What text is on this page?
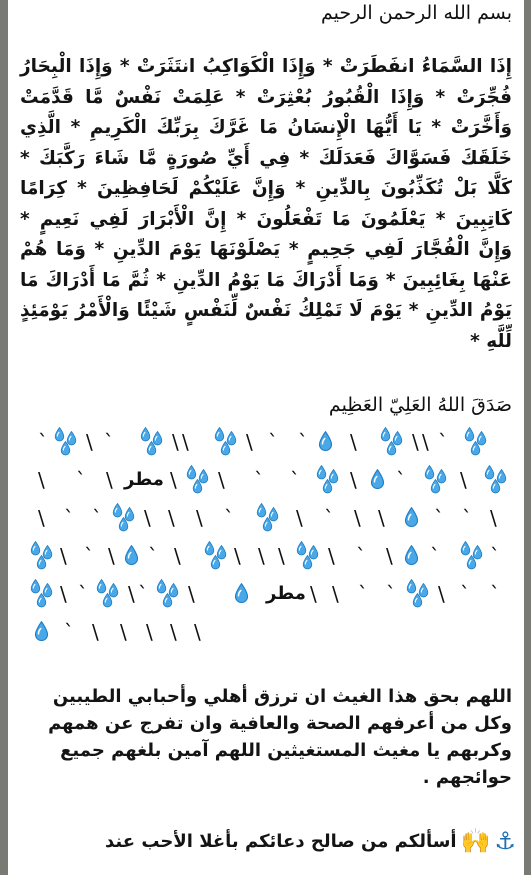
بسم الله الرحمن الرحيم
إِذَا السَّمَاءُ انفَطَرَتْ * وَإِذَا الْكَوَاكِبُ انتَثَرَتْ * وَإِذَا الْبِحَارُ فُجِّرَتْ * وَإِذَا الْقُبُورُ بُعْثِرَتْ * عَلِمَتْ نَفْسٌ مَّا قَدَّمَتْ وَأَخَّرَتْ * يَا أَيُّهَا الْإِنسَانُ مَا غَرَّكَ بِرَبِّكَ الْكَرِيمِ * الَّذِي خَلَقَكَ فَسَوَّاكَ فَعَدَلَكَ * فِي أَيِّ صُورَةٍ مَّا شَاءَ رَكَّبَكَ * كَلَّا بَلْ تُكَذِّبُونَ بِالدِّينِ * وَإِنَّ عَلَيْكُمْ لَحَافِظِينَ * كِرَامًا كَاتِبِينَ * يَعْلَمُونَ مَا تَفْعَلُونَ * إِنَّ الْأَبْرَارَ لَفِي نَعِيمٍ * وَإِنَّ الْفُجَّارَ لَفِي جَحِيمٍ * يَصْلَوْنَهَا يَوْمَ الدِّينِ * وَمَا هُمْ عَنْهَا بِغَائِبِينَ * وَمَا أَدْرَاكَ مَا يَوْمُ الدِّينِ * ثُمَّ مَا أَدْرَاكَ مَا يَوْمُ الدِّينِ * يَوْمَ لَا تَمْلِكُ نَفْسٌ لِّنَفْسٍ شَيْئًا وَالْأَمْرُ يَوْمَئِذٍ لِّلَّهِ *
صَدَقَ اللهُ العَلِيّ العَظِيم
` \ `	\ \	\ ` ` \	\ \ `
\ ` \ مطر \ \ ` `	\ `	\
\ ` ` \ \ \ `	\ ` \ \ ` ` \
\ ` \ ` \	\ \ \ \ ` \ `	`
\ ` \ ` \	مطر \ \ ` ` \ ` `
` \ \ \ \ \
اللهم بحق هذا الغيث ان ترزق أهلي وأحبابي الطيبين وكل من أعرفهم الصحة والعافية وان تفرج عن همهم وكربهم يا مغيث المستغيثين اللهم آمين بلغهم جميع حوائجهم .
⚓
🙌
أسألكم من صالح دعائكم بأغلا الأحب عند
